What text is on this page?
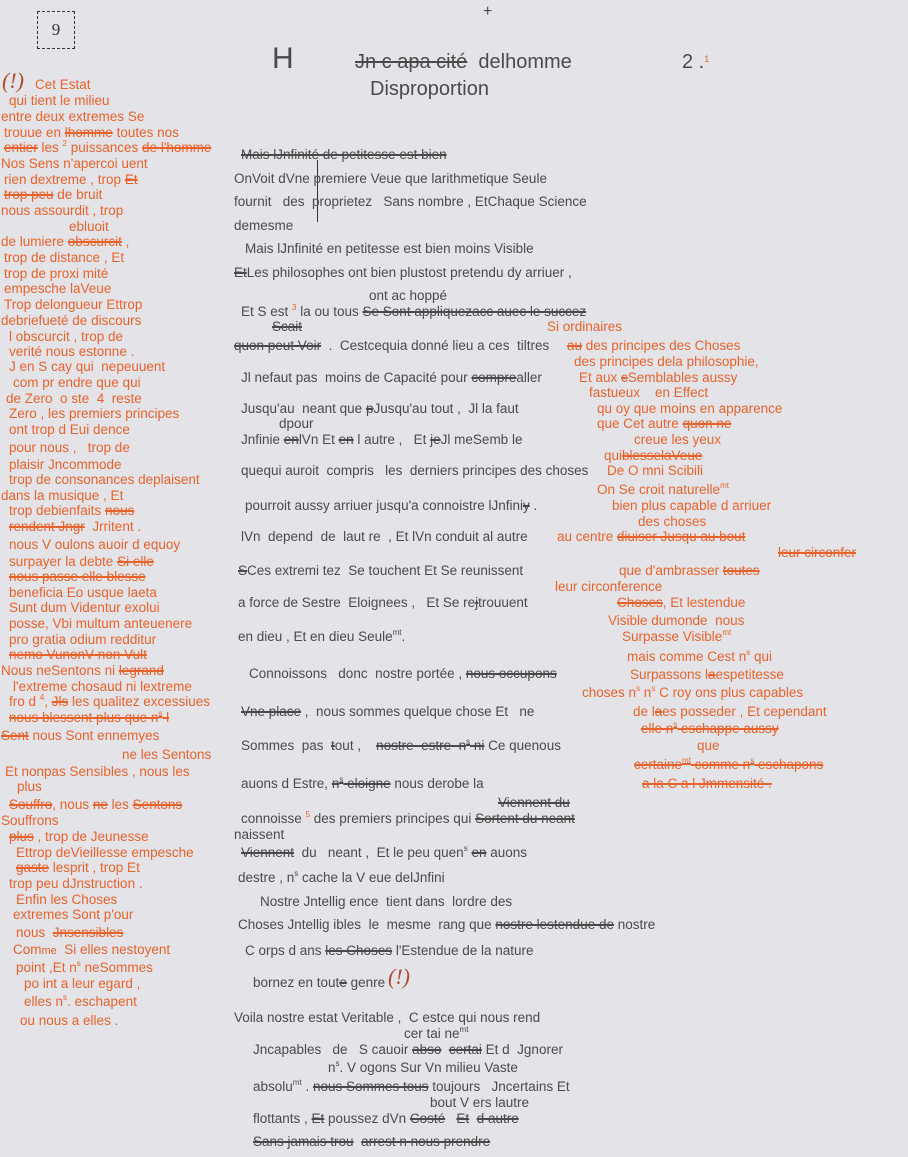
9
+
H	Jn c apa cité delhomme	2 .$^1$
Disproportion
(!) Cet Estat
qui tient le milieu
entre deux extremes Se
trouue en lhomme toutes nos
entier les $^2$ puissances de l'homme
Nos Sens n'apercoi uent
rien dextreme , trop Et
trop peu de bruit
nous assourdit , trop
ebluoit
de lumiere obscurcit ,
trop de distance , Et
trop de proxi mité
empesche laVeue
Trop delongueur Ettrop
debriefueté de discours
l obscurcit , trop de
verité nous estonne .
J en S cay qui  nepeuuent
com pr endre que qui
de Zero  o ste  4  reste
Zero , les premiers principes
ont trop d Eui dence
pour nous ,   trop de
plaisir Jncommode
trop de consonances deplaisent
dans la musique , Et
trop debienfaits nous
rendent Jngr  Jrritent .
nous V oulons auoir d equoy
surpayer la debte Si elle
nous passe elle blesse
beneficia Eo usque laeta
Sunt dum Videntur exolui
posse, Vbi multum anteuenere
pro gratia odium redditur
nemo VunonV non Vult
Nous neSentons ni legrand
l'extreme chosaud ni lextreme
fro d $^4$, Jls les qualitez excessiues
nous blessent plus que $n^s$ l
Sent nous Sont ennemyes
ne les Sentons
Et nonpas Sensibles , nous les
plus
Souffro, nous ne les Sentons
Souffrons
plus , trop de Jeunesse
Ettrop deVieillesse empesche
gaste lesprit , trop Et
trop peu dJnstruction .
Enfin les Choses
extremes Sont p'our
nous  Jnsensibles
Comme  Si elles nestoyent
point ,Et $n^s$ neSommes
po int a leur egard ,
elles $n^s$. eschapent
ou nous a elles .
Mais lJnfinité de petitesse est bien
OnVoit dVne premiere Veue que larithmetique Seule
fournit   des  proprietez   Sans nombre , EtChaque Science
demesme
Mais lJnfinité en petitesse est bien moins Visible
EtLes philosophes ont bien plustost pretendu dy arriuer ,
ont ac hoppé
Et S est $^3$ la ou tous Se Sont appliquezacc auec le succez
Scait
quon peut Voir  .  Cestcequia donné lieu a ces  tiltres
Jl nefaut pas  moins de Capacité pour comprealler
Jusqu'au  neant que pJusqu'au tout ,  Jl la faut
dpour
Jnfinie enlVn Et en l autre ,   Et jeJl meSemb le
quequi auroit  compris   les  derniers principes des choses
pourroit aussy arriuer jusqu'a connoistre lJnfiniy .
lVn  depend  de  laut re  , Et lVn conduit al autre
SCes extremi tez  Se touchent Et Se reunissent
a force de Sestre  Eloignees ,   Et Se rejtrouuent
en dieu , Et en dieu Seule$^{mt}$.
Connoissons   donc  nostre portée , nous occupons
Vne place ,  nous sommes quelque chose Et   ne
Sommes  pas  tout ,    nostre  estre  $n^s$ ni Ce quenous
auons d Estre, $n^s$ eloigne nous derobe la
Viennent du
connoisse $^5$ des premiers principes qui Sortent du neant
naissent
Viennent  du   neant ,  Et le peu quen$^s$ en auons
destre , $n^s$ cache la V eue delJnfini
Nostre Jntellig ence  tient dans  lordre des
Choses Jntellig ibles  le  mesme  rang que nostre lestendue de nostre
C orps d ans les Choses l'Estendue de la nature
bornez en toute genre (!)
Voila nostre estat Veritable ,  C estce qui nous rend
cer tai $ne^{mt}$
Jncapables   de   S cauoir abso certai Et d  Jgnorer
$n^s$. V ogons Sur Vn milieu Vaste
absolu$^{mt}$ . nous Sommes tous toujours   Jncertains Et
bout V ers lautre
flottants , Et poussez dVn Costé Et d autre
Sans jamais trou arrest n nous prendre
Si ordinaires
au des principes des Choses
des principes dela philosophie,
Et aux cSemblables aussy
fastueux    en Effect
qu oy que moins en apparence
que Cet autre quon ne
creue les yeux
quiblesselaVeue
De O mni Scibili
On Se croit naturelle$^{mt}$
bien plus capable d arriuer
des choses
au centre diuiser Jusqu au bout
leur circonfer
que d'ambrasser toutes
leur circonference
Choses, Et lestendue
Visible dumonde  nous
Surpasse Visible$^{mt}$
mais comme Cest $n^s$ qui
Surpassons laespetitesse
choses $n^s$ $n^s$ C roy ons plus capables
de laes posseder , Et cependant
elle $n^s$ eschappe aussy
que
certaine$^{mt}$ comme $n^s$ eschapons
a la C a l Jmmensité .
